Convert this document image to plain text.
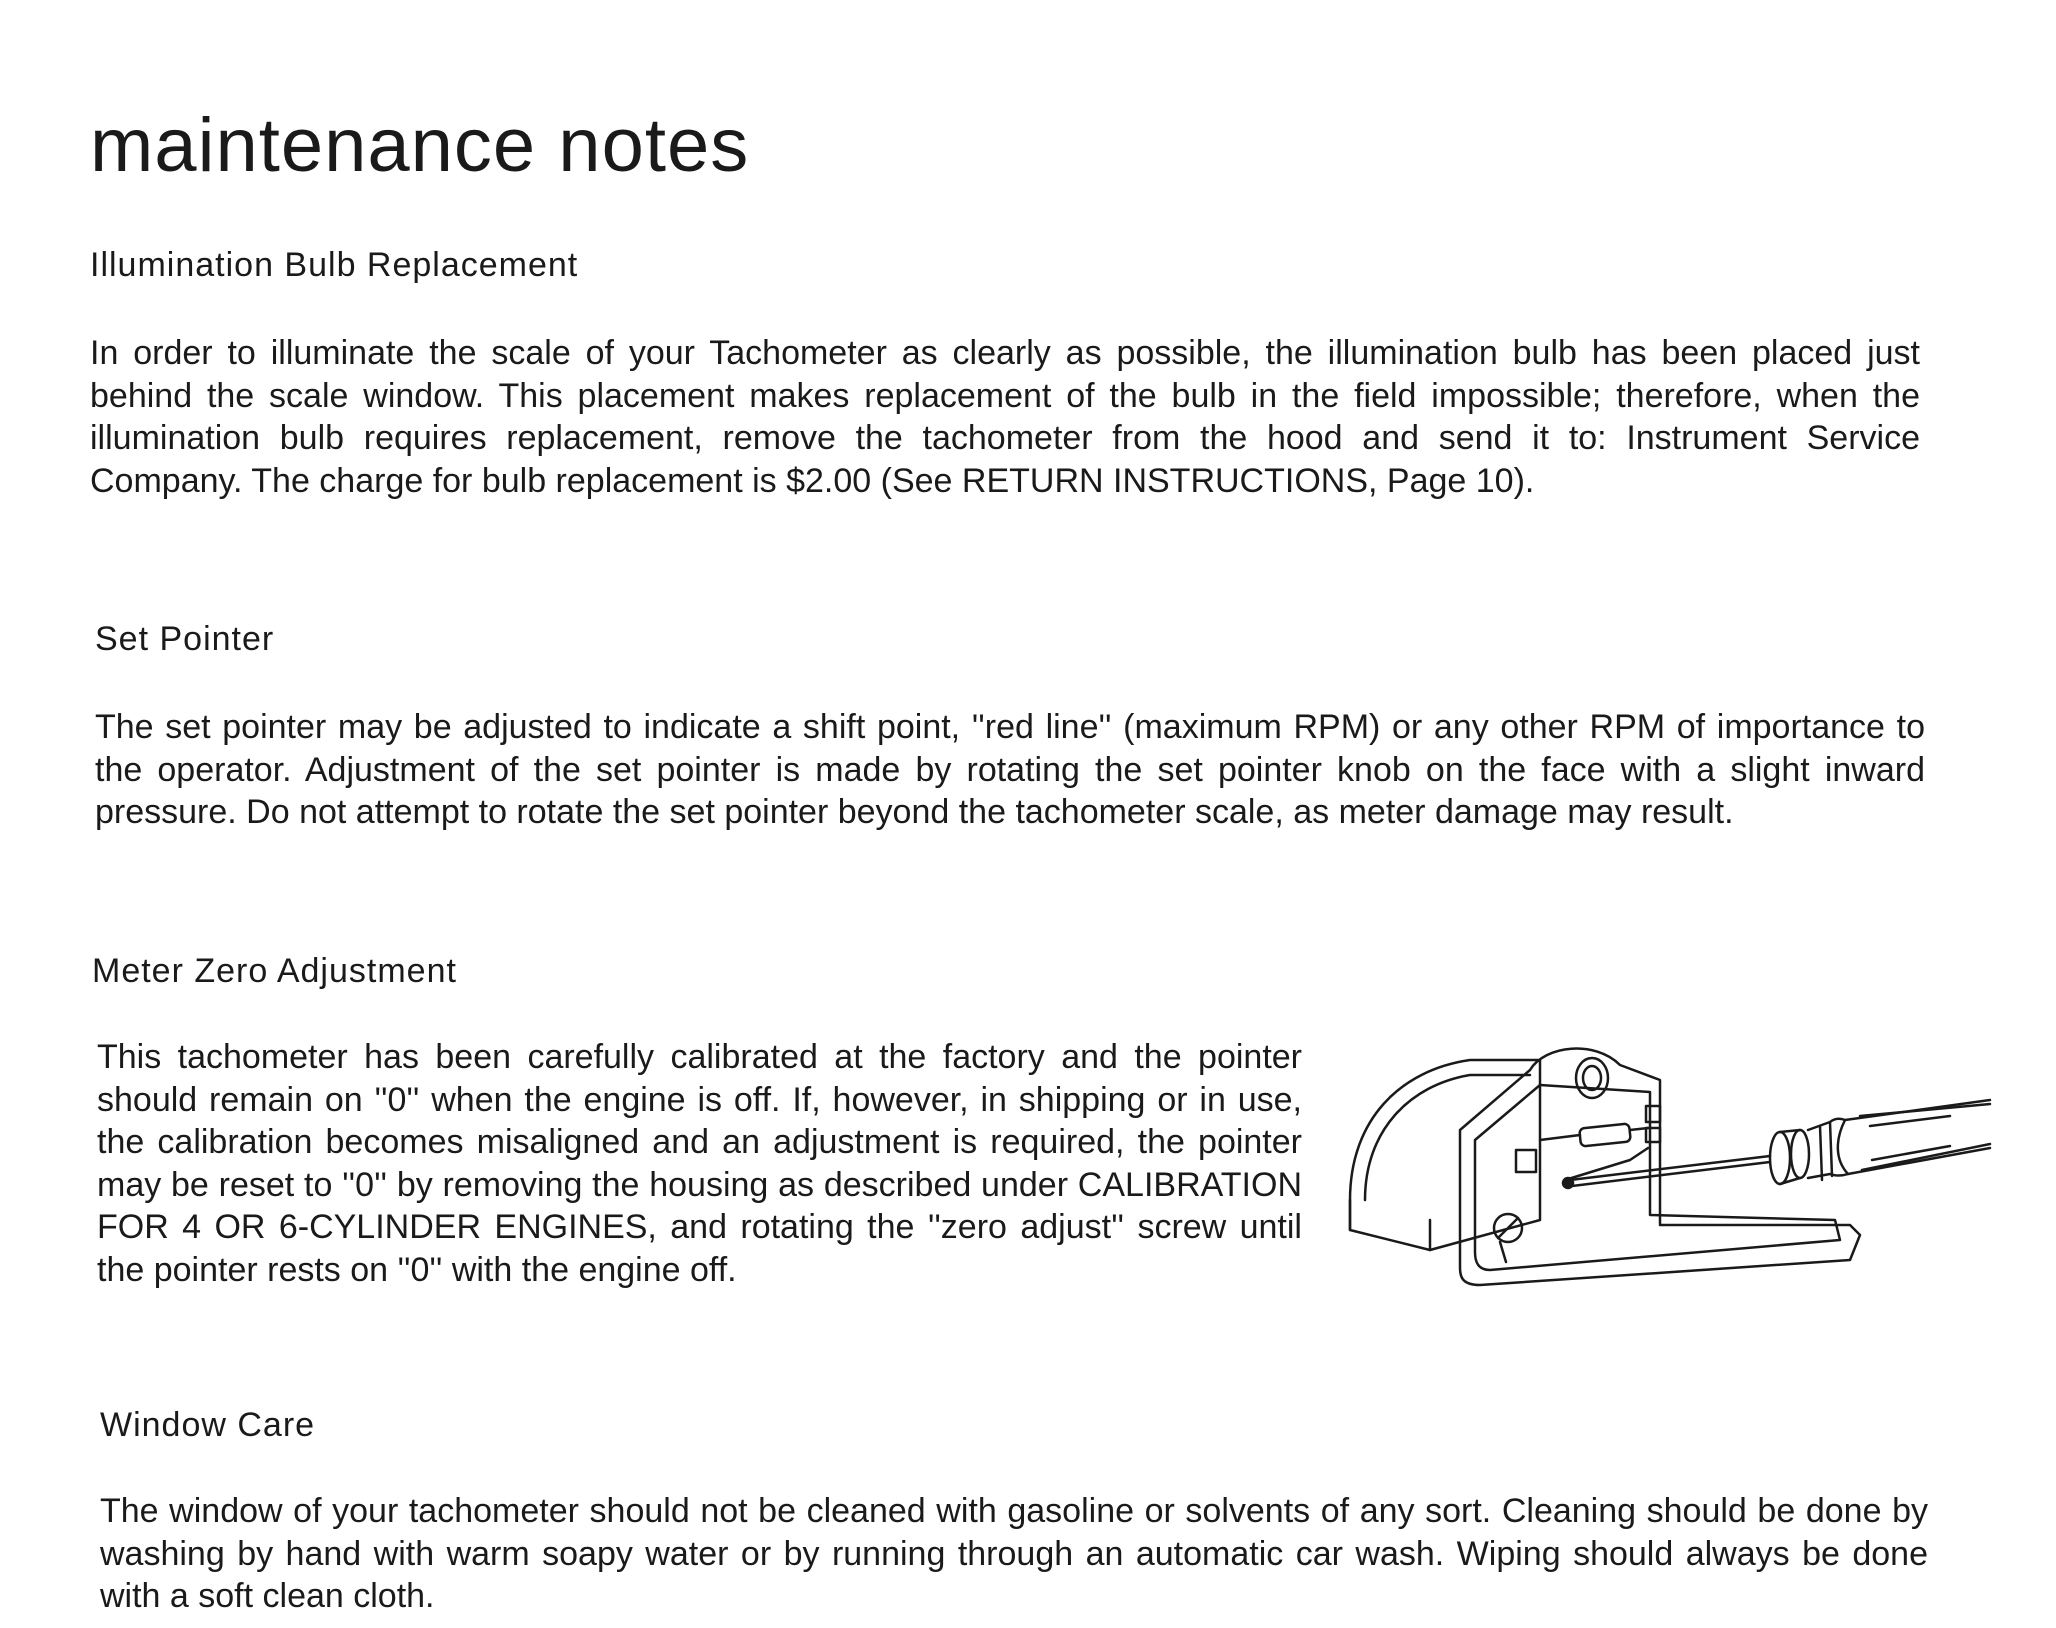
maintenance notes
Illumination Bulb Replacement

In order to illuminate the scale of your Tachometer as clearly as possible, the illumination bulb has been placed just behind the scale window. This placement makes replacement of the bulb in the field impossible; therefore, when the illumination bulb requires replacement, remove the tachometer from the hood and send it to: Instrument Service Company. The charge for bulb replacement is $2.00 (See RETURN INSTRUCTIONS, Page 10).

Set Pointer

The set pointer may be adjusted to indicate a shift point, ''red line'' (maximum RPM) or any other RPM of importance to the operator. Adjustment of the set pointer is made by rotating the set pointer knob on the face with a slight inward pressure. Do not attempt to rotate the set pointer beyond the tachometer scale, as meter damage may result.

Meter Zero Adjustment

This tachometer has been carefully calibrated at the factory and the pointer should remain on ''0'' when the engine is off. If, however, in shipping or in use, the calibration becomes misaligned and an adjustment is required, the pointer may be reset to ''0'' by removing the housing as described under CALIBRATION FOR 4 OR 6-CYLINDER ENGINES, and rotating the ''zero adjust'' screw until the pointer rests on ''0'' with the engine off.

Window Care

The window of your tachometer should not be cleaned with gasoline or solvents of any sort. Cleaning should be done by washing by hand with warm soapy water or by running through an automatic car wash. Wiping should always be done with a soft clean cloth.
